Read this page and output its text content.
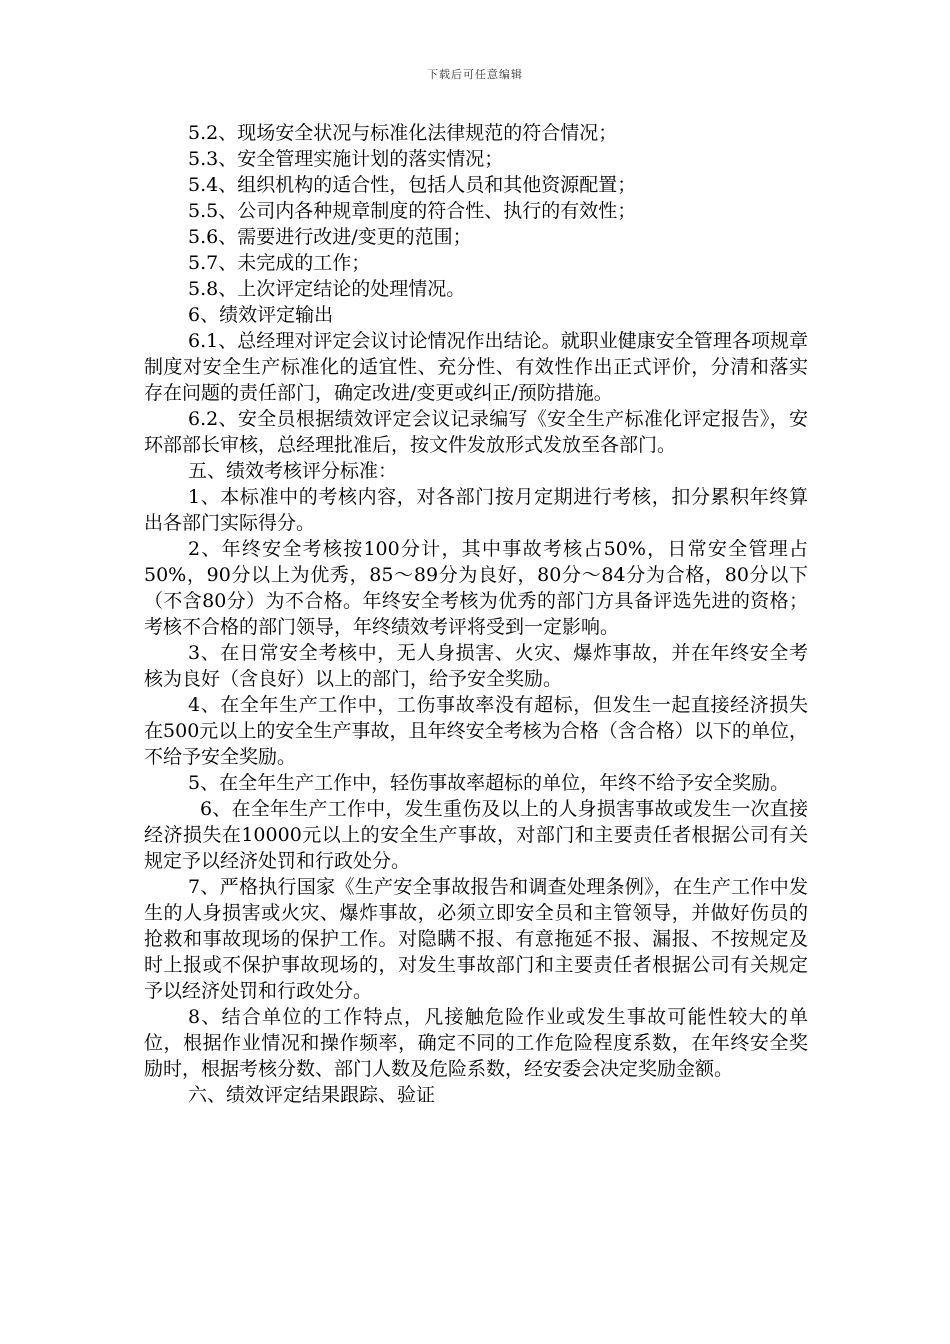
下载后可任意编辑

5.2、现场安全状况与标准化法律规范的符合情况；

5.3、安全管理实施计划的落实情况；

5.4、组织机构的适合性，包括人员和其他资源配置；

5.5、公司内各种规章制度的符合性、执行的有效性；

5.6、需要进行改进/变更的范围；

5.7、未完成的工作；

5.8、上次评定结论的处理情况。

6、绩效评定输出

6.1、总经理对评定会议讨论情况作出结论。就职业健康安全管理各项规章制度对安全生产标准化的适宜性、充分性、有效性作出正式评价，分清和落实存在问题的责任部门，确定改进/变更或纠正/预防措施。

6.2、安全员根据绩效评定会议记录编写《安全生产标准化评定报告》，安环部部长审核，总经理批准后，按文件发放形式发放至各部门。

五、绩效考核评分标准：

1、本标准中的考核内容，对各部门按月定期进行考核，扣分累积年终算出各部门实际得分。

2、年终安全考核按100分计，其中事故考核占50%，日常安全管理占50%，90分以上为优秀，85～89分为良好，80分～84分为合格，80分以下（不含80分）为不合格。年终安全考核为优秀的部门方具备评选先进的资格；考核不合格的部门领导，年终绩效考评将受到一定影响。

3、在日常安全考核中，无人身损害、火灾、爆炸事故，并在年终安全考核为良好（含良好）以上的部门，给予安全奖励。

4、在全年生产工作中，工伤事故率没有超标，但发生一起直接经济损失在500元以上的安全生产事故，且年终安全考核为合格（含合格）以下的单位，不给予安全奖励。

5、在全年生产工作中，轻伤事故率超标的单位，年终不给予安全奖励。

6、在全年生产工作中，发生重伤及以上的人身损害事故或发生一次直接经济损失在10000元以上的安全生产事故，对部门和主要责任者根据公司有关规定予以经济处罚和行政处分。

7、严格执行国家《生产安全事故报告和调查处理条例》，在生产工作中发生的人身损害或火灾、爆炸事故，必须立即安全员和主管领导，并做好伤员的抢救和事故现场的保护工作。对隐瞒不报、有意拖延不报、漏报、不按规定及时上报或不保护事故现场的，对发生事故部门和主要责任者根据公司有关规定予以经济处罚和行政处分。

8、结合单位的工作特点，凡接触危险作业或发生事故可能性较大的单位，根据作业情况和操作频率，确定不同的工作危险程度系数，在年终安全奖励时，根据考核分数、部门人数及危险系数，经安委会决定奖励金额。

六、绩效评定结果跟踪、验证
